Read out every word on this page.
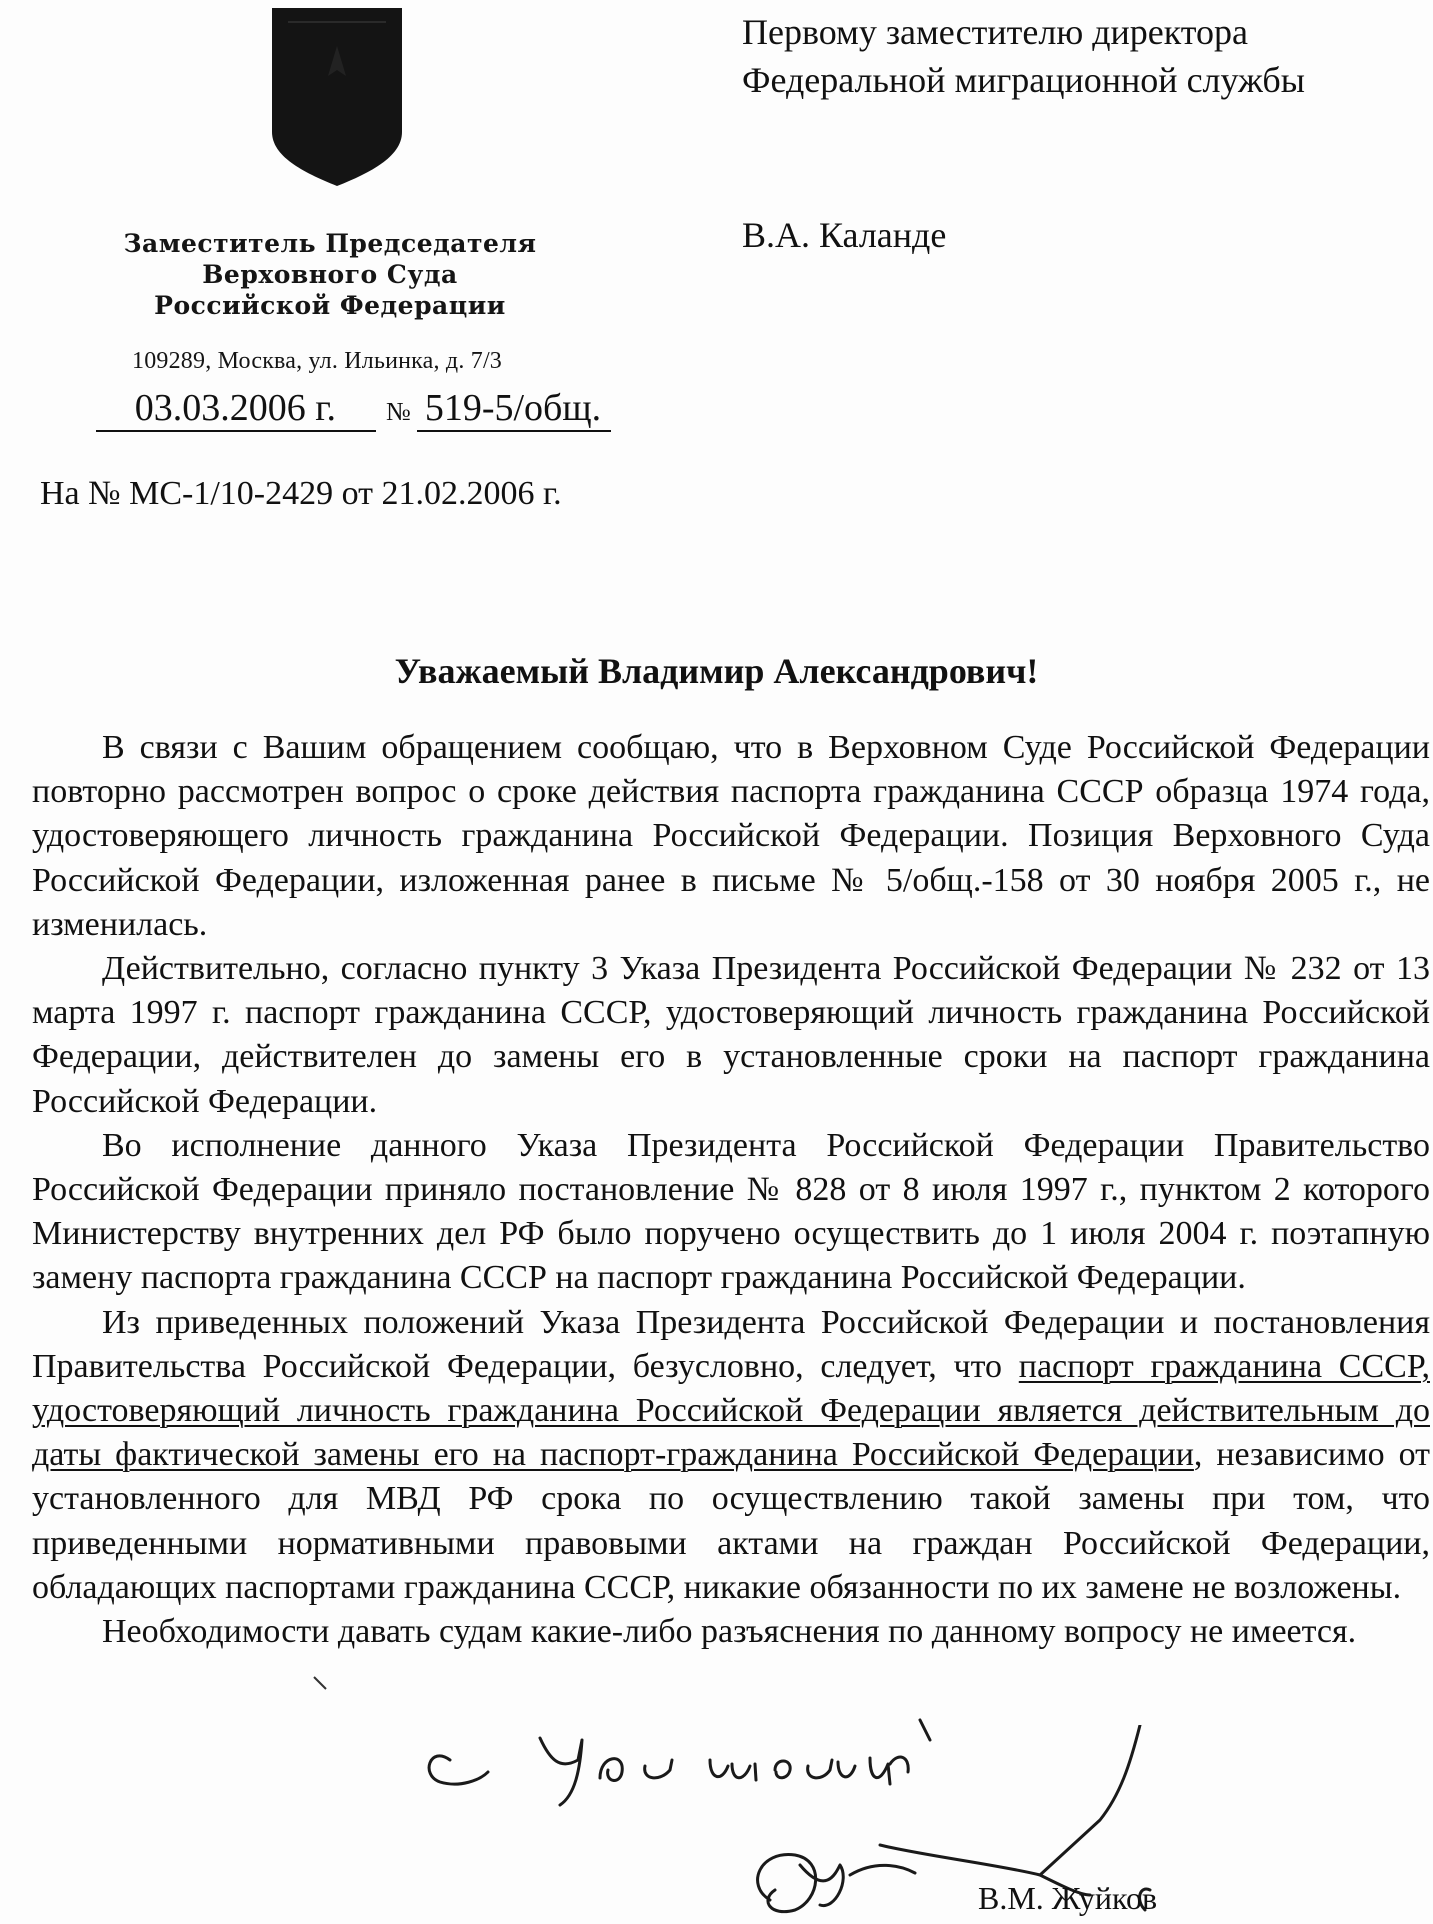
Заместитель Председателя
Верховного Суда
Российской Федерации
109289, Москва, ул. Ильинка, д. 7/3
03.03.2006 г. № 519-5/общ.
На № МС-1/10-2429 от 21.02.2006 г.
Первому заместителю директора
Федеральной миграционной службы
В.А. Каланде
Уважаемый Владимир Александрович!

В связи с Вашим обращением сообщаю, что в Верховном Суде Российской Федерации повторно рассмотрен вопрос о сроке действия паспорта гражданина СССР образца 1974 года, удостоверяющего личность гражданина Российской Федерации. Позиция Верховного Суда Российской Федерации, изложенная ранее в письме № 5/общ.-158 от 30 ноября 2005 г., не изменилась.

Действительно, согласно пункту 3 Указа Президента Российской Федерации № 232 от 13 марта 1997 г. паспорт гражданина СССР, удостоверяющий личность гражданина Российской Федерации, действителен до замены его в установленные сроки на паспорт гражданина Российской Федерации.

Во исполнение данного Указа Президента Российской Федерации Правительство Российской Федерации приняло постановление № 828 от 8 июля 1997 г., пунктом 2 которого Министерству внутренних дел РФ было поручено осуществить до 1 июля 2004 г. поэтапную замену паспорта гражданина СССР на паспорт гражданина Российской Федерации.

Из приведенных положений Указа Президента Российской Федерации и постановления Правительства Российской Федерации, безусловно, следует, что паспорт гражданина СССР, удостоверяющий личность гражданина Российской Федерации является действительным до даты фактической замены его на паспорт-гражданина Российской Федерации, независимо от установленного для МВД РФ срока по осуществлению такой замены при том, что приведенными нормативными правовыми актами на граждан Российской Федерации, обладающих паспортами гражданина СССР, никакие обязанности по их замене не возложены.

Необходимости давать судам какие-либо разъяснения по данному вопросу не имеется.

В.М. Жуйков
